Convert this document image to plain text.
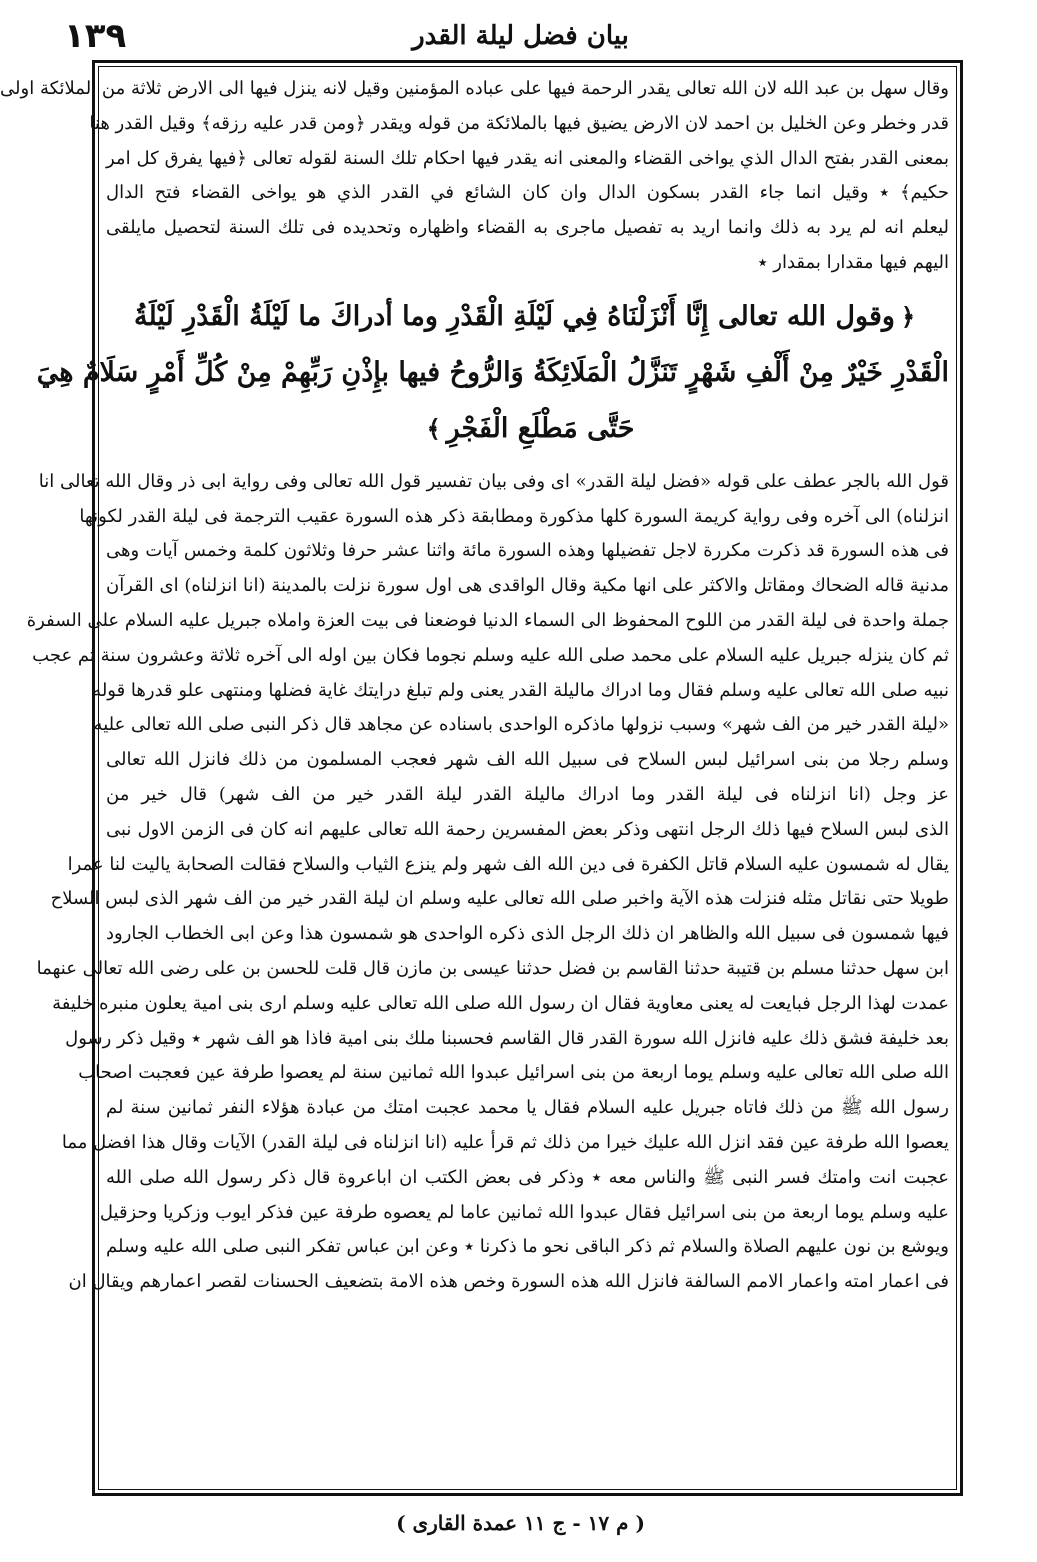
١٣٩	بيان فضل ليلة القدر
وقال سهل بن عبد الله لان الله تعالى يقدر الرحمة فيها على عباده المؤمنين وقيل لانه ينزل فيها الى الارض ثلاثة من الملائكة اولى
قدر وخطر وعن الخليل بن احمد لان الارض يضيق فيها بالملائكة من قوله ويقدر ﴿ومن قدر عليه رزقه﴾ وقيل القدر هنا
بمعنى القدر بفتح الدال الذي يواخى القضاء والمعنى انه يقدر فيها احكام تلك السنة لقوله تعالى ﴿فيها يفرق كل امر
حكيم﴾ ٭ وقيل انما جاء القدر بسكون الدال وان كان الشائع في القدر الذي هو يواخى القضاء فتح الدال
ليعلم انه لم يرد به ذلك وانما اريد به تفصيل ماجرى به القضاء واظهاره وتحديده فى تلك السنة لتحصيل مايلقى
اليهم فيها مقدارا بمقدار ٭
﴿وقول الله تعالى إِنَّا أَنْزَلْنَاهُ فِي لَيْلَةِ الْقَدْرِ وما أدراكَ ما لَيْلَةُ الْقَدْرِ لَيْلَةُ
الْقَدْرِ خَيْرٌ مِنْ أَلْفِ شَهْرٍ تَنَزَّلُ الْمَلَائِكَةُ وَالرُّوحُ فيها بإِذْنِ رَبِّهِمْ مِنْ كُلِّ أَمْرٍ سَلَامٌ هِيَ
حَتَّى مَطْلَعِ الْفَجْرِ﴾
قول الله بالجر عطف على قوله «فضل ليلة القدر» اى وفى بيان تفسير قول الله تعالى وفى رواية ابى ذر وقال الله تعالى انا
انزلناه) الى آخره وفى رواية كريمة السورة كلها مذكورة ومطابقة ذكر هذه السورة عقيب الترجمة فى ليلة القدر لكونها
فى هذه السورة قد ذكرت مكررة لاجل تفضيلها وهذه السورة مائة واثنا عشر حرفا وثلاثون كلمة وخمس آيات وهى
مدنية قاله الضحاك ومقاتل والاكثر على انها مكية وقال الواقدى هى اول سورة نزلت بالمدينة (انا انزلناه) اى القرآن
جملة واحدة فى ليلة القدر من اللوح المحفوظ الى السماء الدنيا فوضعنا فى بيت العزة واملاه جبريل عليه السلام على السفرة
ثم كان ينزله جبريل عليه السلام على محمد صلى الله عليه وسلم نجوما فكان بين اوله الى آخره ثلاثة وعشرون سنة ثم عجب
نبيه صلى الله تعالى عليه وسلم فقال وما ادراك ماليلة القدر يعنى ولم تبلغ درايتك غاية فضلها ومنتهى علو قدرها قوله
«ليلة القدر خير من الف شهر» وسبب نزولها ماذكره الواحدى باسناده عن مجاهد قال ذكر النبى صلى الله تعالى عليه
وسلم رجلا من بنى اسرائيل لبس السلاح فى سبيل الله الف شهر فعجب المسلمون من ذلك فانزل الله تعالى
عز وجل (انا انزلناه فى ليلة القدر وما ادراك ماليلة القدر ليلة القدر خير من الف شهر) قال خير من
الذى لبس السلاح فيها ذلك الرجل انتهى وذكر بعض المفسرين رحمة الله تعالى عليهم انه كان فى الزمن الاول نبى
يقال له شمسون عليه السلام قاتل الكفرة فى دين الله الف شهر ولم ينزع الثياب والسلاح فقالت الصحابة ياليت لنا عمرا
طويلا حتى نقاتل مثله فنزلت هذه الآية واخبر صلى الله تعالى عليه وسلم ان ليلة القدر خير من الف شهر الذى لبس السلاح
فيها شمسون فى سبيل الله والظاهر ان ذلك الرجل الذى ذكره الواحدى هو شمسون هذا وعن ابى الخطاب الجارود
ابن سهل حدثنا مسلم بن قتيبة حدثنا القاسم بن فضل حدثنا عيسى بن مازن قال قلت للحسن بن على رضى الله تعالى عنهما
عمدت لهذا الرجل فبايعت له يعنى معاوية فقال ان رسول الله صلى الله تعالى عليه وسلم ارى بنى امية يعلون منبره خليفة
بعد خليفة فشق ذلك عليه فانزل الله سورة القدر قال القاسم فحسبنا ملك بنى امية فاذا هو الف شهر ٭ وقيل ذكر رسول
الله صلى الله تعالى عليه وسلم يوما اربعة من بنى اسرائيل عبدوا الله ثمانين سنة لم يعصوا طرفة عين فعجبت اصحاب
رسول الله ﷺ من ذلك فاتاه جبريل عليه السلام فقال يا محمد عجبت امتك من عبادة هؤلاء النفر ثمانين سنة لم
يعصوا الله طرفة عين فقد انزل الله عليك خيرا من ذلك ثم قرأ عليه (انا انزلناه فى ليلة القدر) الآيات وقال هذا افضل مما
عجبت انت وامتك فسر النبى ﷺ والناس معه ٭ وذكر فى بعض الكتب ان اباعروة قال ذكر رسول الله صلى الله
عليه وسلم يوما اربعة من بنى اسرائيل فقال عبدوا الله ثمانين عاما لم يعصوه طرفة عين فذكر ايوب وزكريا وحزقيل
ويوشع بن نون عليهم الصلاة والسلام ثم ذكر الباقى نحو ما ذكرنا ٭ وعن ابن عباس تفكر النبى صلى الله عليه وسلم
فى اعمار امته واعمار الامم السالفة فانزل الله هذه السورة وخص هذه الامة بتضعيف الحسنات لقصر اعمارهم ويقال ان
( م ١٧ - ج ١١ عمدة القارى )
